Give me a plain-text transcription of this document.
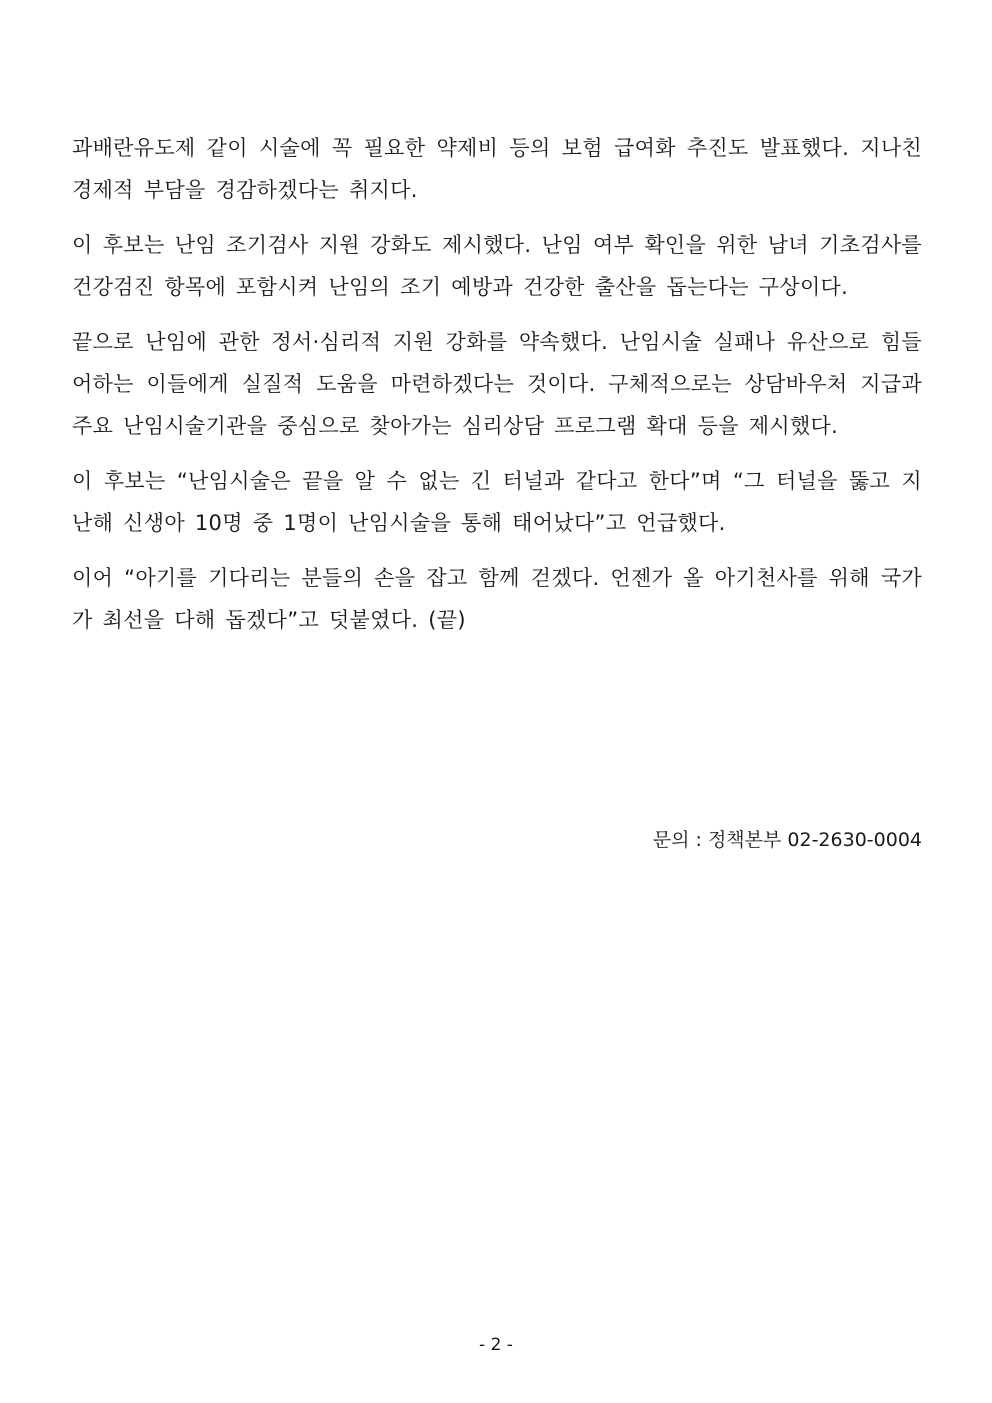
과배란유도제 같이 시술에 꼭 필요한 약제비 등의 보험 급여화 추진도 발표했다. 지나친 경제적 부담을 경감하겠다는 취지다.

이 후보는 난임 조기검사 지원 강화도 제시했다. 난임 여부 확인을 위한 남녀 기초검사를 건강검진 항목에 포함시켜 난임의 조기 예방과 건강한 출산을 돕는다는 구상이다.

끝으로 난임에 관한 정서·심리적 지원 강화를 약속했다. 난임시술 실패나 유산으로 힘들어하는 이들에게 실질적 도움을 마련하겠다는 것이다. 구체적으로는 상담바우처 지급과 주요 난임시술기관을 중심으로 찾아가는 심리상담 프로그램 확대 등을 제시했다.

이 후보는 “난임시술은 끝을 알 수 없는 긴 터널과 같다고 한다”며 “그 터널을 뚫고 지난해 신생아 10명 중 1명이 난임시술을 통해 태어났다”고 언급했다.

이어 “아기를 기다리는 분들의 손을 잡고 함께 걷겠다. 언젠가 올 아기천사를 위해 국가가 최선을 다해 돕겠다”고 덧붙였다. (끝)

문의 : 정책본부 02-2630-0004
- 2 -
